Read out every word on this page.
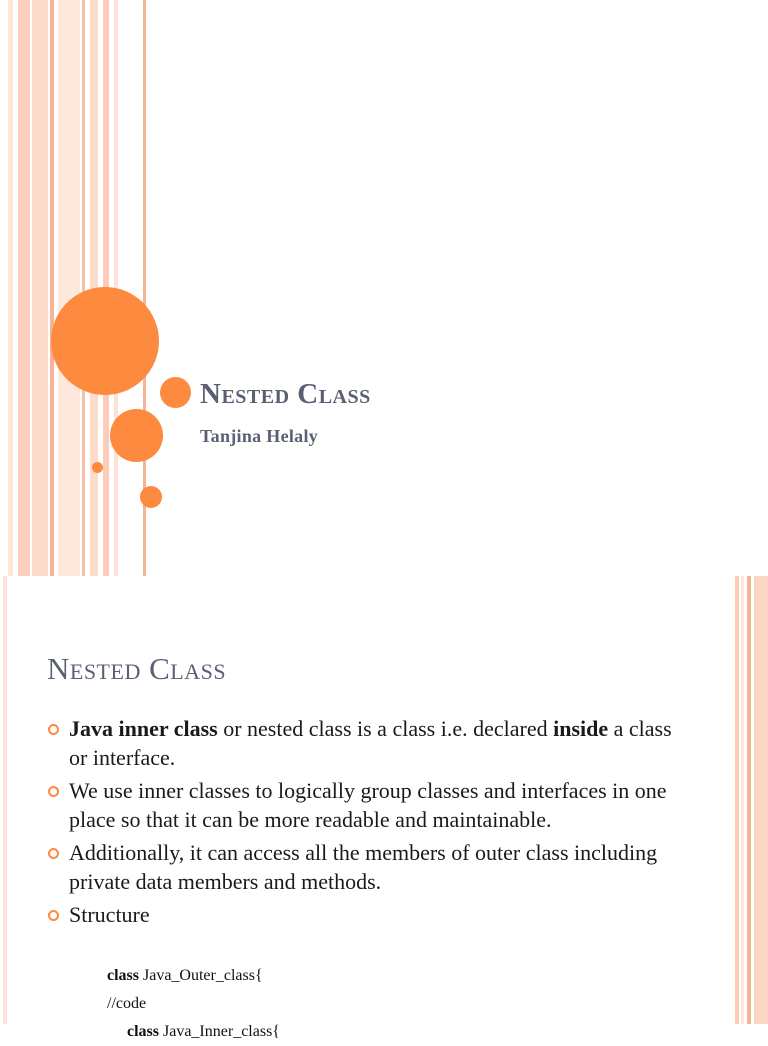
Nested Class

Tanjina Helaly

Nested Class
Java inner class or nested class is a class i.e. declared inside a class or interface.
We use inner classes to logically group classes and interfaces in one place so that it can be more readable and maintainable.
Additionally, it can access all the members of outer class including private data members and methods.
Structure
class Java_Outer_class{
//code
class Java_Inner_class{
